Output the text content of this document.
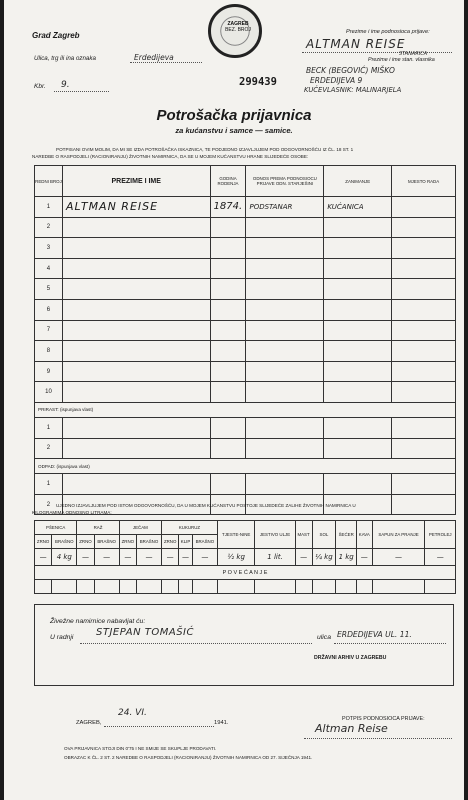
Grad Zagreb
Ulica, trg ili ina oznaka	Erdedijeva
Kbr. 9.
ZAGREB
BEZ. BROJ
299439
Prezime i ime podnosioca prijave:
ALTMAN REISE
STANARICA
Prezime i ime stan. vlasnika
BECK (BEGOVIĆ) MIŠKO
ERDEDIJEVA 9
KUĆEVLASNIK: MALINARJELA
Potrošačka prijavnica
za kućanstvu i samce — samice.
POTPISANI OVIM MOLIM, DA MI SE IZDA POTROŠAČKA ISKAZNICA, TE PODJEDNO IZJAVLJUJEM POD ODGOVORNOŠĆU IZ ČL. 18 ST. 1
NAREDBE O RASPODJELI (RACIONIRANJU) ŽIVOTNIH NAMIRNICA, DA SE U MOJEM KUĆANSTVU HRANE SLIJEDEĆE OSOBE:
REDNI BROJ	PREZIME I IME	GODINA RODENJA	ODNOS PREMA PODNOSIOCU PRIJAVE ODN. STARJEŠINI	ZANIMANJE	MJESTO RADA
1	ALTMAN REISE	1874.	PODSTANAR	KUĆANICA	
2					
3					
4					
5					
6					
7					
8					
9					
10					
PRIRAST: (ispunjava vlast)					
1					
2					
ODPAD: (ispunjava vlast)					
1					
2					UJEDNO IZJAVLJUJEM POD ISTOM ODGOVORNOŠĆU, DA U MOJEM KUĆANSTVU POSTOJE SLIJEDEĆE ZALIHE ŽIVOTNIH NAMIRNICA U
KILOGRAMIMA ODNOSNO LITRAMA:
PŠENICA		RAŽ		JEČAM		KUKURUZ			TJESTE-NINE	JESTIVO ULJE	MAST	SOL	ŠEĆER	KAVA	SAPUN ZA PRANJE	PETROLEJ
ZRNO	BRAŠNO	ZRNO	BRAŠNO	ZRNO	BRAŠNO	ZRNO	KLIP	BRAŠNO								
—	4 kg	—	—	—	—	—	—	—	½ kg	1 lit.	—	¼ kg	1 kg	—	—	—
P O V E Ć A N J E																

Živežne namirnice nabavljat ću:
U radnji STJEPAN TOMAŠIĆ	ulica ERDEDIJEVA UL. 11.
DRŽAVNI ARHIV U ZAGREBU
ZAGREB,
24. VI.
1941.
POTPIS PODNOSIOCA PRIJAVE:
Altman Reise
OVA PRIJAVNICA STOJI DIN 0'75 I NE SMIJE SE SKUPLJE PRODAVATI.
OBRAZAC K ČL. 2 ST. 2 NAREDBE O RASPODJELI (RACIONIRANJU) ŽIVOTNIH NAMIRNICA OD 27. SIJEČNJA 1941.
